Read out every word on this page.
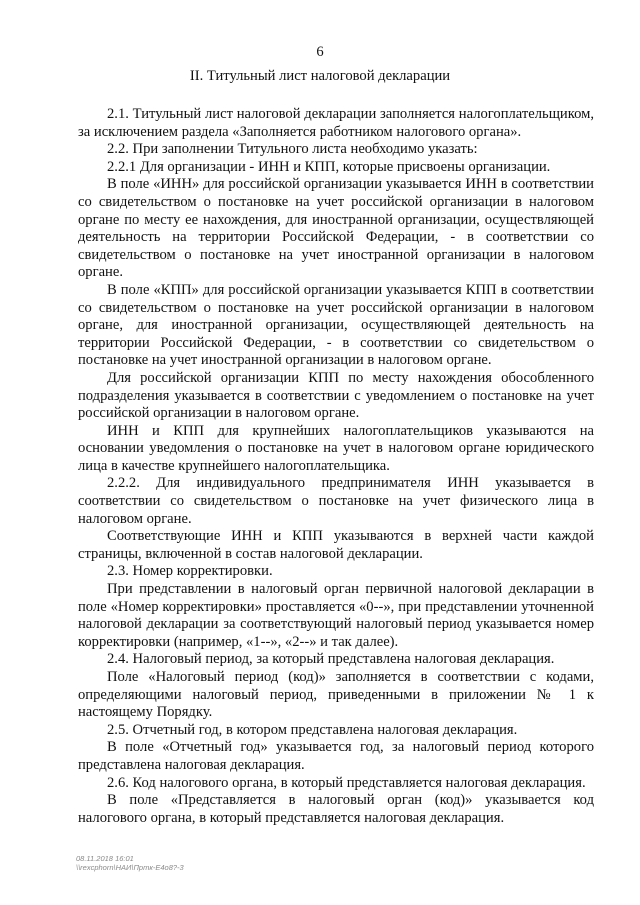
6
II. Титульный лист налоговой декларации

2.1. Титульный лист налоговой декларации заполняется налогоплательщиком, за исключением раздела «Заполняется работником налогового органа».

2.2. При заполнении Титульного листа необходимо указать:

2.2.1 Для организации - ИНН и КПП, которые присвоены организации.

В поле «ИНН» для российской организации указывается ИНН в соответствии со свидетельством о постановке на учет российской организации в налоговом органе по месту ее нахождения, для иностранной организации, осуществляющей деятельность на территории Российской Федерации, - в соответствии со свидетельством о постановке на учет иностранной организации в налоговом органе.

В поле «КПП» для российской организации указывается КПП в соответствии со свидетельством о постановке на учет российской организации в налоговом органе, для иностранной организации, осуществляющей деятельность на территории Российской Федерации, - в соответствии со свидетельством о постановке на учет иностранной организации в налоговом органе.

Для российской организации КПП по месту нахождения обособленного подразделения указывается в соответствии с уведомлением о постановке на учет российской организации в налоговом органе.

ИНН и КПП для крупнейших налогоплательщиков указываются на основании уведомления о постановке на учет в налоговом органе юридического лица в качестве крупнейшего налогоплательщика.

2.2.2. Для индивидуального предпринимателя ИНН указывается в соответствии со свидетельством о постановке на учет физического лица в налоговом органе.

Соответствующие ИНН и КПП указываются в верхней части каждой страницы, включенной в состав налоговой декларации.

2.3. Номер корректировки.

При представлении в налоговый орган первичной налоговой декларации в поле «Номер корректировки» проставляется «0--», при представлении уточненной налоговой декларации за соответствующий налоговый период указывается номер корректировки (например, «1--», «2--» и так далее).

2.4. Налоговый период, за который представлена налоговая декларация.

Поле «Налоговый период (код)» заполняется в соответствии с кодами, определяющими налоговый период, приведенными в приложении № 1 к настоящему Порядку.

2.5. Отчетный год, в котором представлена налоговая декларация.

В поле «Отчетный год» указывается год, за налоговый период которого представлена налоговая декларация.

2.6. Код налогового органа, в который представляется налоговая декларация.

В поле «Представляется в налоговый орган (код)» указывается код налогового органа, в который представляется налоговая декларация.

08.11.2018 16:01
\\rexcphorn\НАИ\Пртк-Е4о8?-3
